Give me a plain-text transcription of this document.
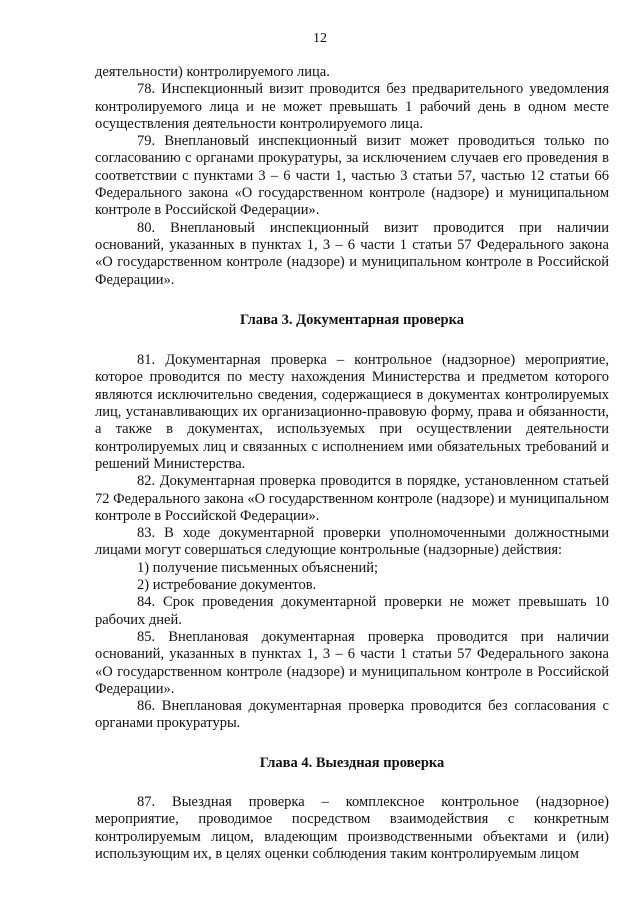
12

деятельности) контролируемого лица.

78. Инспекционный визит проводится без предварительного уведомления контролируемого лица и не может превышать 1 рабочий день в одном месте осуществления деятельности контролируемого лица.

79. Внеплановый инспекционный визит может проводиться только по согласованию с органами прокуратуры, за исключением случаев его проведения в соответствии с пунктами 3 – 6 части 1, частью 3 статьи 57, частью 12 статьи 66 Федерального закона «О государственном контроле (надзоре) и муниципальном контроле в Российской Федерации».

80. Внеплановый инспекционный визит проводится при наличии оснований, указанных в пунктах 1, 3 – 6 части 1 статьи 57 Федерального закона «О государственном контроле (надзоре) и муниципальном контроле в Российской Федерации».

Глава 3. Документарная проверка

81. Документарная проверка – контрольное (надзорное) мероприятие, которое проводится по месту нахождения Министерства и предметом которого являются исключительно сведения, содержащиеся в документах контролируемых лиц, устанавливающих их организационно-правовую форму, права и обязанности, а также в документах, используемых при осуществлении деятельности контролируемых лиц и связанных с исполнением ими обязательных требований и решений Министерства.

82. Документарная проверка проводится в порядке, установленном статьей 72 Федерального закона «О государственном контроле (надзоре) и муниципальном контроле в Российской Федерации».

83. В ходе документарной проверки уполномоченными должностными лицами могут совершаться следующие контрольные (надзорные) действия:

1) получение письменных объяснений;

2) истребование документов.

84. Срок проведения документарной проверки не может превышать 10 рабочих дней.

85. Внеплановая документарная проверка проводится при наличии оснований, указанных в пунктах 1, 3 – 6 части 1 статьи 57 Федерального закона «О государственном контроле (надзоре) и муниципальном контроле в Российской Федерации».

86. Внеплановая документарная проверка проводится без согласования с органами прокуратуры.

Глава 4. Выездная проверка

87. Выездная проверка – комплексное контрольное (надзорное) мероприятие, проводимое посредством взаимодействия с конкретным контролируемым лицом, владеющим производственными объектами и (или) использующим их, в целях оценки соблюдения таким контролируемым лицом
